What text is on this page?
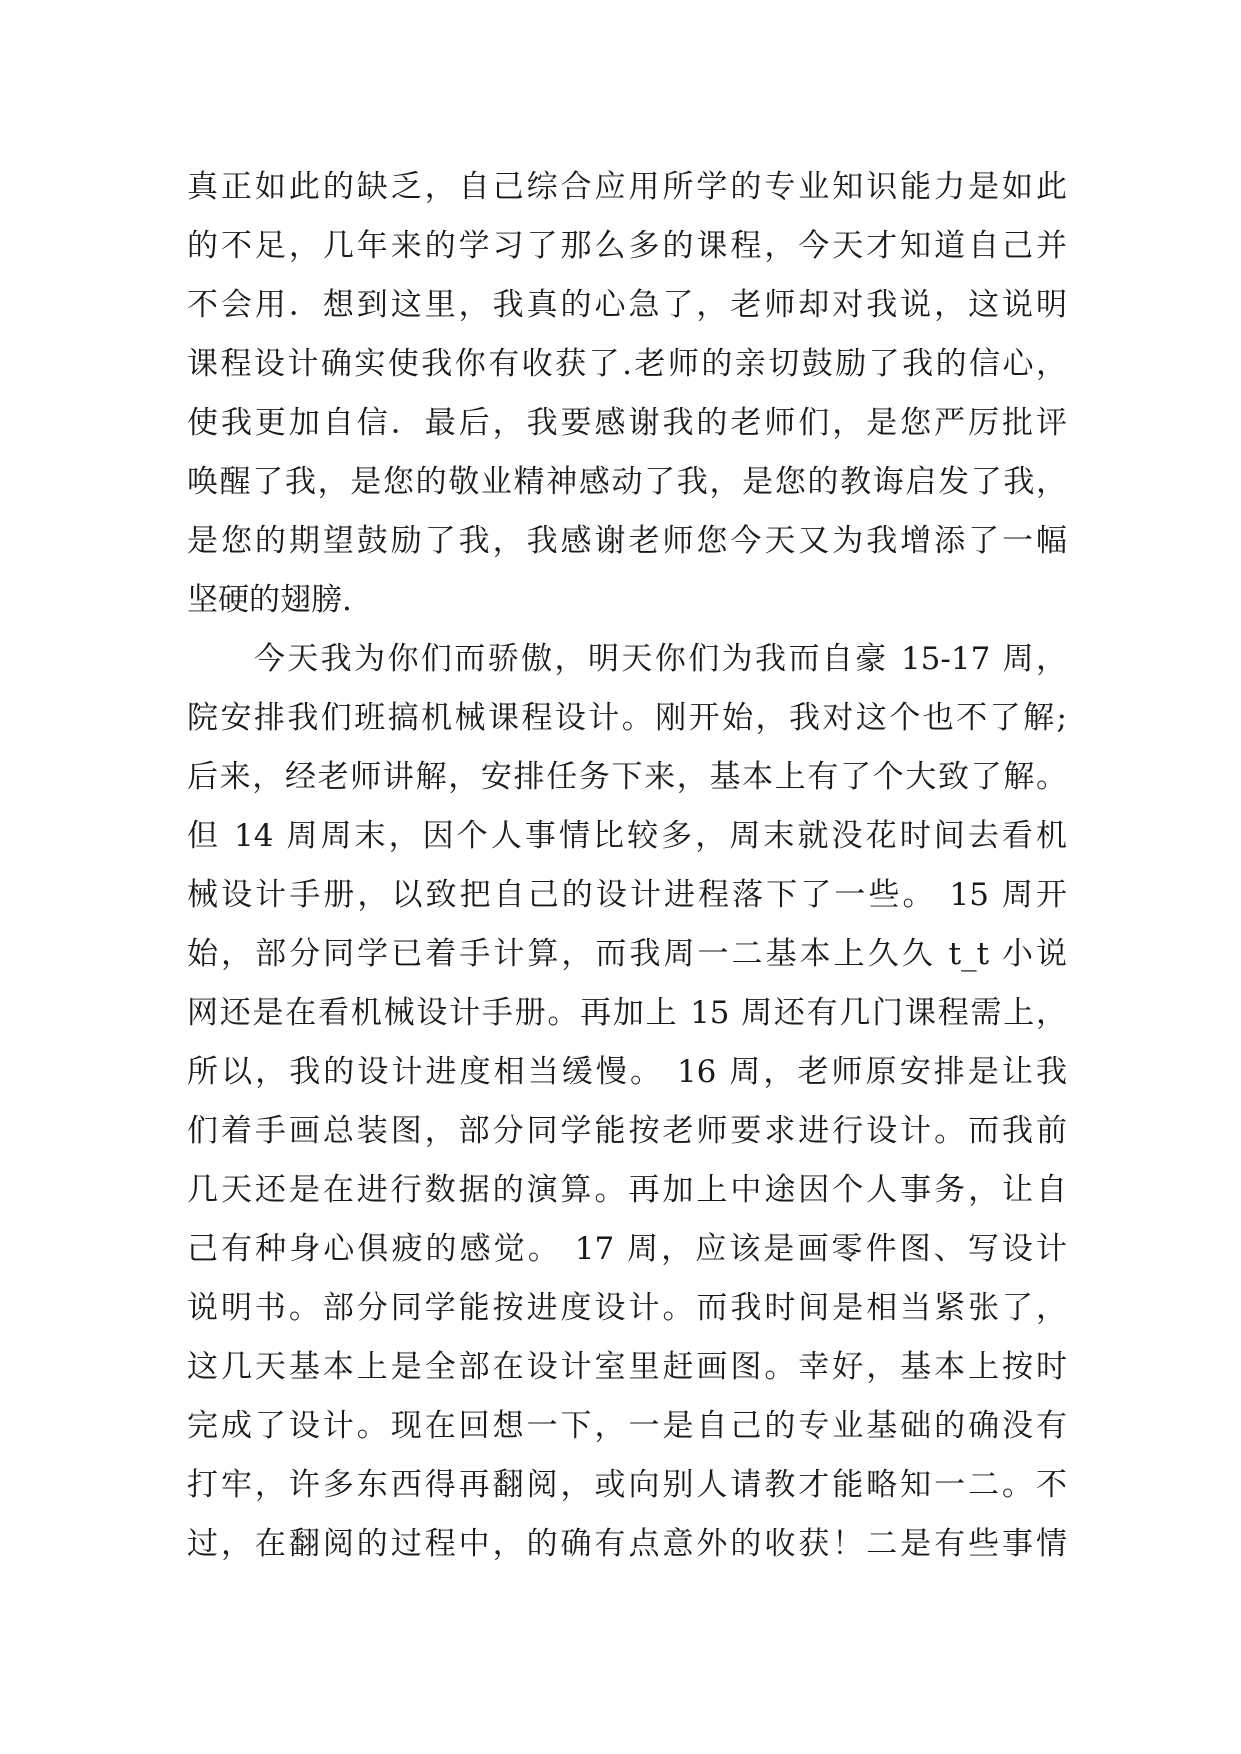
真正如此的缺乏，自己综合应用所学的专业知识能力是如此
的不足，几年来的学习了那么多的课程，今天才知道自己并
不会用．想到这里，我真的心急了，老师却对我说，这说明
课程设计确实使我你有收获了.老师的亲切鼓励了我的信心，
使我更加自信．最后，我要感谢我的老师们，是您严厉批评
唤醒了我，是您的敬业精神感动了我，是您的教诲启发了我，
是您的期望鼓励了我，我感谢老师您今天又为我增添了一幅
坚硬的翅膀.
　　今天我为你们而骄傲，明天你们为我而自豪 15-17 周，
院安排我们班搞机械课程设计。刚开始，我对这个也不了解;
后来，经老师讲解，安排任务下来，基本上有了个大致了解。
但 14 周周末，因个人事情比较多，周末就没花时间去看机
械设计手册，以致把自己的设计进程落下了一些。 15 周开
始，部分同学已着手计算，而我周一二基本上久久 t_t 小说
网还是在看机械设计手册。再加上 15 周还有几门课程需上，
所以，我的设计进度相当缓慢。 16 周，老师原安排是让我
们着手画总装图，部分同学能按老师要求进行设计。而我前
几天还是在进行数据的演算。再加上中途因个人事务，让自
己有种身心俱疲的感觉。 17 周，应该是画零件图、写设计
说明书。部分同学能按进度设计。而我时间是相当紧张了，
这几天基本上是全部在设计室里赶画图。幸好，基本上按时
完成了设计。现在回想一下，一是自己的专业基础的确没有
打牢，许多东西得再翻阅，或向别人请教才能略知一二。不
过，在翻阅的过程中，的确有点意外的收获！二是有些事情
